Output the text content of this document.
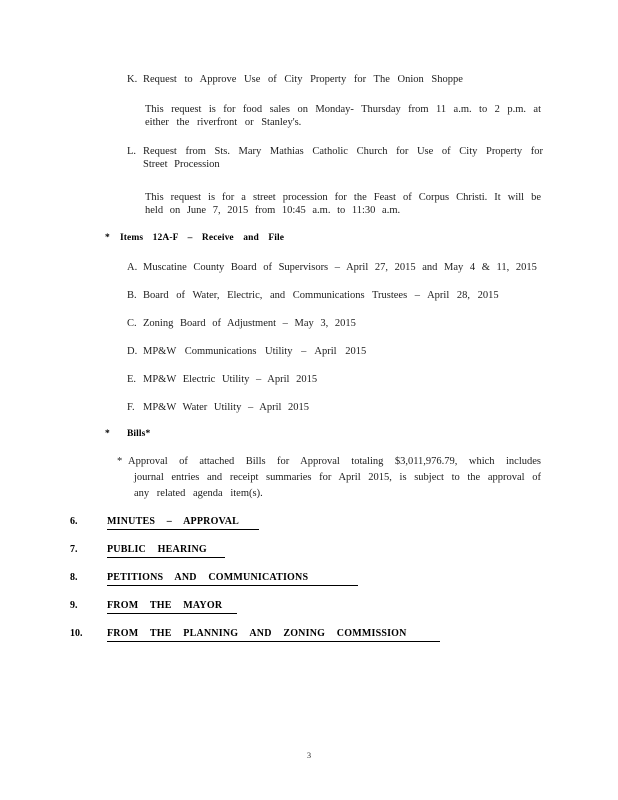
K. Request to Approve Use of City Property for The Onion Shoppe
This request is for food sales on Monday- Thursday from 11 a.m. to 2 p.m. at
either the riverfront or Stanley's.
L. Request from Sts. Mary Mathias Catholic Church for Use of City Property for
Street Procession
This request is for a street procession for the Feast of Corpus Christi. It will be
held on June 7, 2015 from 10:45 a.m. to 11:30 a.m.
*	Items 12A-F – Receive and File
A. Muscatine County Board of Supervisors – April 27, 2015 and May 4 & 11, 2015
B. Board of Water, Electric, and Communications Trustees – April 28, 2015
C. Zoning Board of Adjustment – May 3, 2015
D. MP&W Communications Utility – April 2015
E. MP&W Electric Utility – April 2015
F. MP&W Water Utility – April 2015
*	Bills*
* Approval of attached Bills for Approval totaling $3,011,976.79, which includes
journal entries and receipt summaries for April 2015, is subject to the approval of
any related agenda item(s).
6.	MINUTES – APPROVAL
7.	PUBLIC HEARING
8.	PETITIONS AND COMMUNICATIONS
9.	FROM THE MAYOR
10.	FROM THE PLANNING AND ZONING COMMISSION
3
